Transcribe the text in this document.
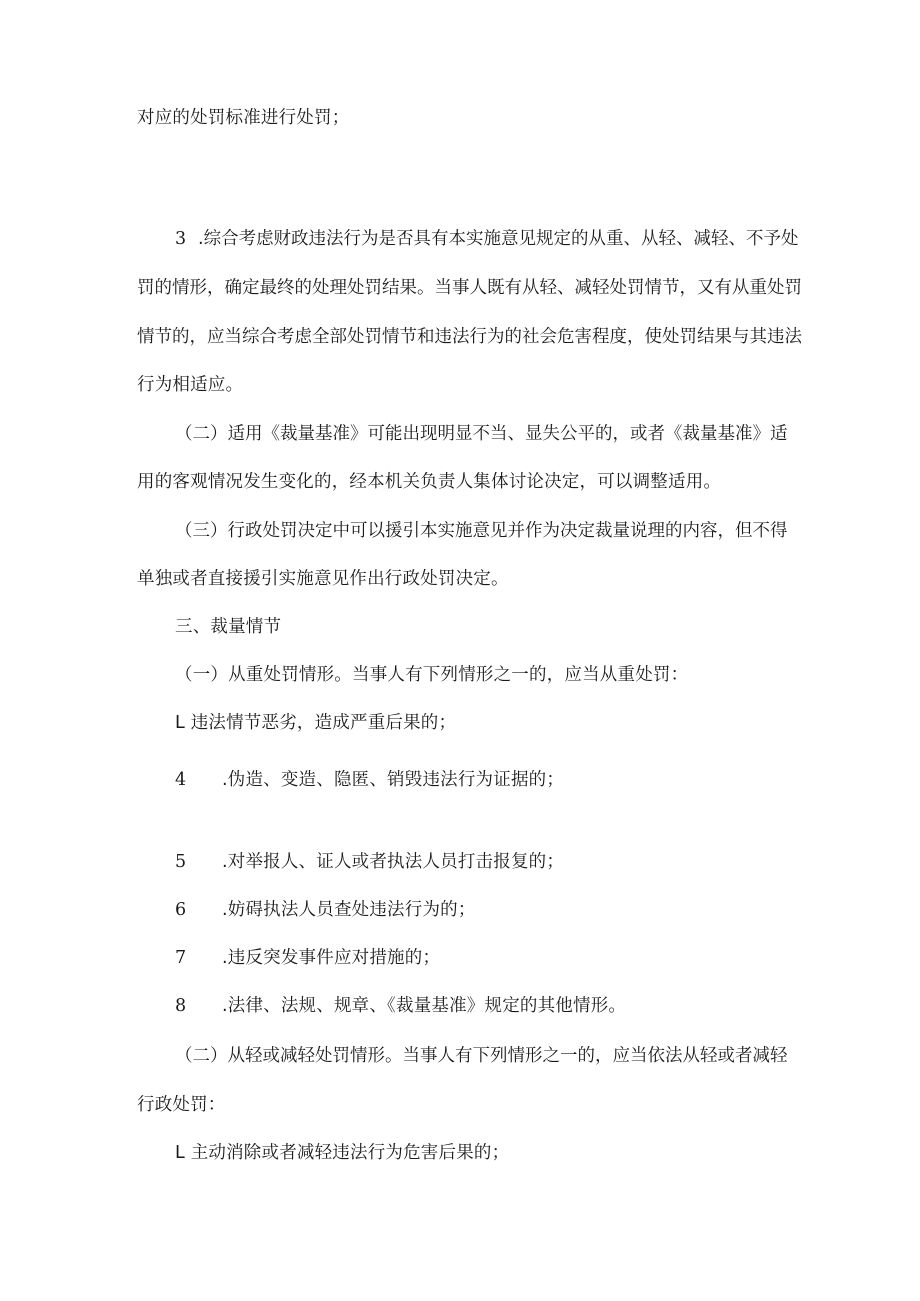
对应的处罚标准进行处罚；
3 .综合考虑财政违法行为是否具有本实施意见规定的从重、从轻、减轻、不予处
罚的情形，确定最终的处理处罚结果。当事人既有从轻、减轻处罚情节，又有从重处罚
情节的，应当综合考虑全部处罚情节和违法行为的社会危害程度，使处罚结果与其违法
行为相适应。
（二）适用《裁量基准》可能出现明显不当、显失公平的，或者《裁量基准》适
用的客观情况发生变化的，经本机关负责人集体讨论决定，可以调整适用。
（三）行政处罚决定中可以援引本实施意见并作为决定裁量说理的内容，但不得
单独或者直接援引实施意见作出行政处罚决定。
三、裁量情节
（一）从重处罚情形。当事人有下列情形之一的，应当从重处罚：
L 违法情节恶劣，造成严重后果的；
4 .伪造、变造、隐匿、销毁违法行为证据的；
5 .对举报人、证人或者执法人员打击报复的；
6 .妨碍执法人员查处违法行为的；
7 .违反突发事件应对措施的；
8 .法律、法规、规章、《裁量基准》规定的其他情形。
（二）从轻或减轻处罚情形。当事人有下列情形之一的，应当依法从轻或者减轻
行政处罚：
L 主动消除或者减轻违法行为危害后果的；
